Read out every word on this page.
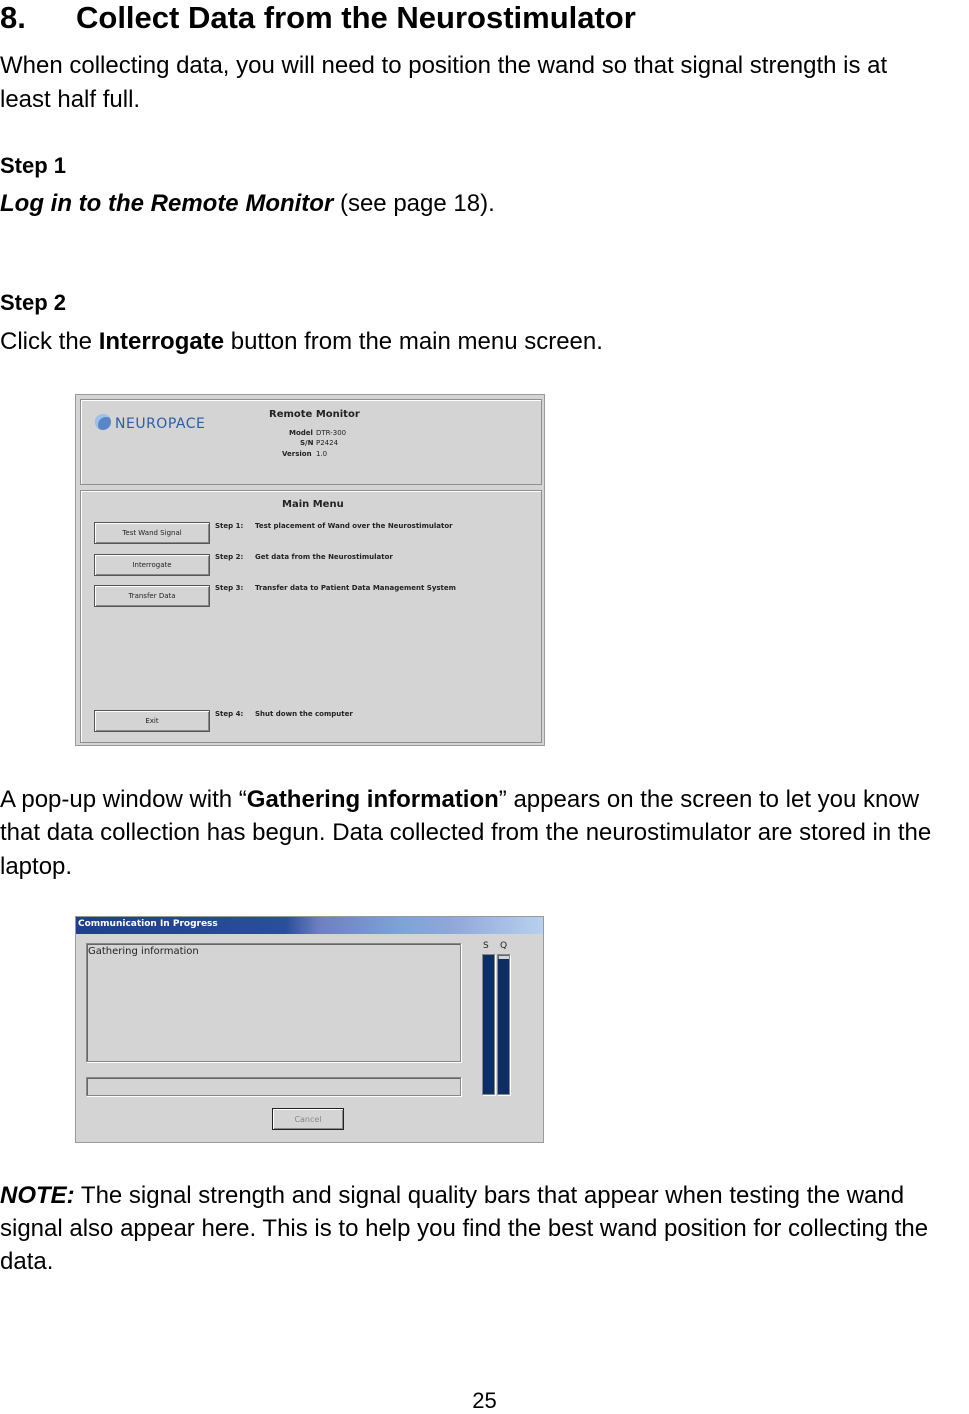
8. Collect Data from the Neurostimulator
When collecting data, you will need to position the wand so that signal strength is at
least half full.
Step 1
Log in to the Remote Monitor (see page 18).
Step 2
Click the Interrogate button from the main menu screen.
NEUROPACE
Remote Monitor
Model DTR-300
S/N P2424
Version 1.0
Main Menu
Test Wand Signal
Step 1: Test placement of Wand over the Neurostimulator
Interrogate
Step 2: Get data from the Neurostimulator
Transfer Data
Step 3: Transfer data to Patient Data Management System
Exit
Step 4: Shut down the computer
A pop-up window with “Gathering information” appears on the screen to let you know
that data collection has begun. Data collected from the neurostimulator are stored in the
laptop.
Communication In Progress
Gathering information	S Q
Cancel
NOTE: The signal strength and signal quality bars that appear when testing the wand
signal also appear here. This is to help you find the best wand position for collecting the
data.
25
